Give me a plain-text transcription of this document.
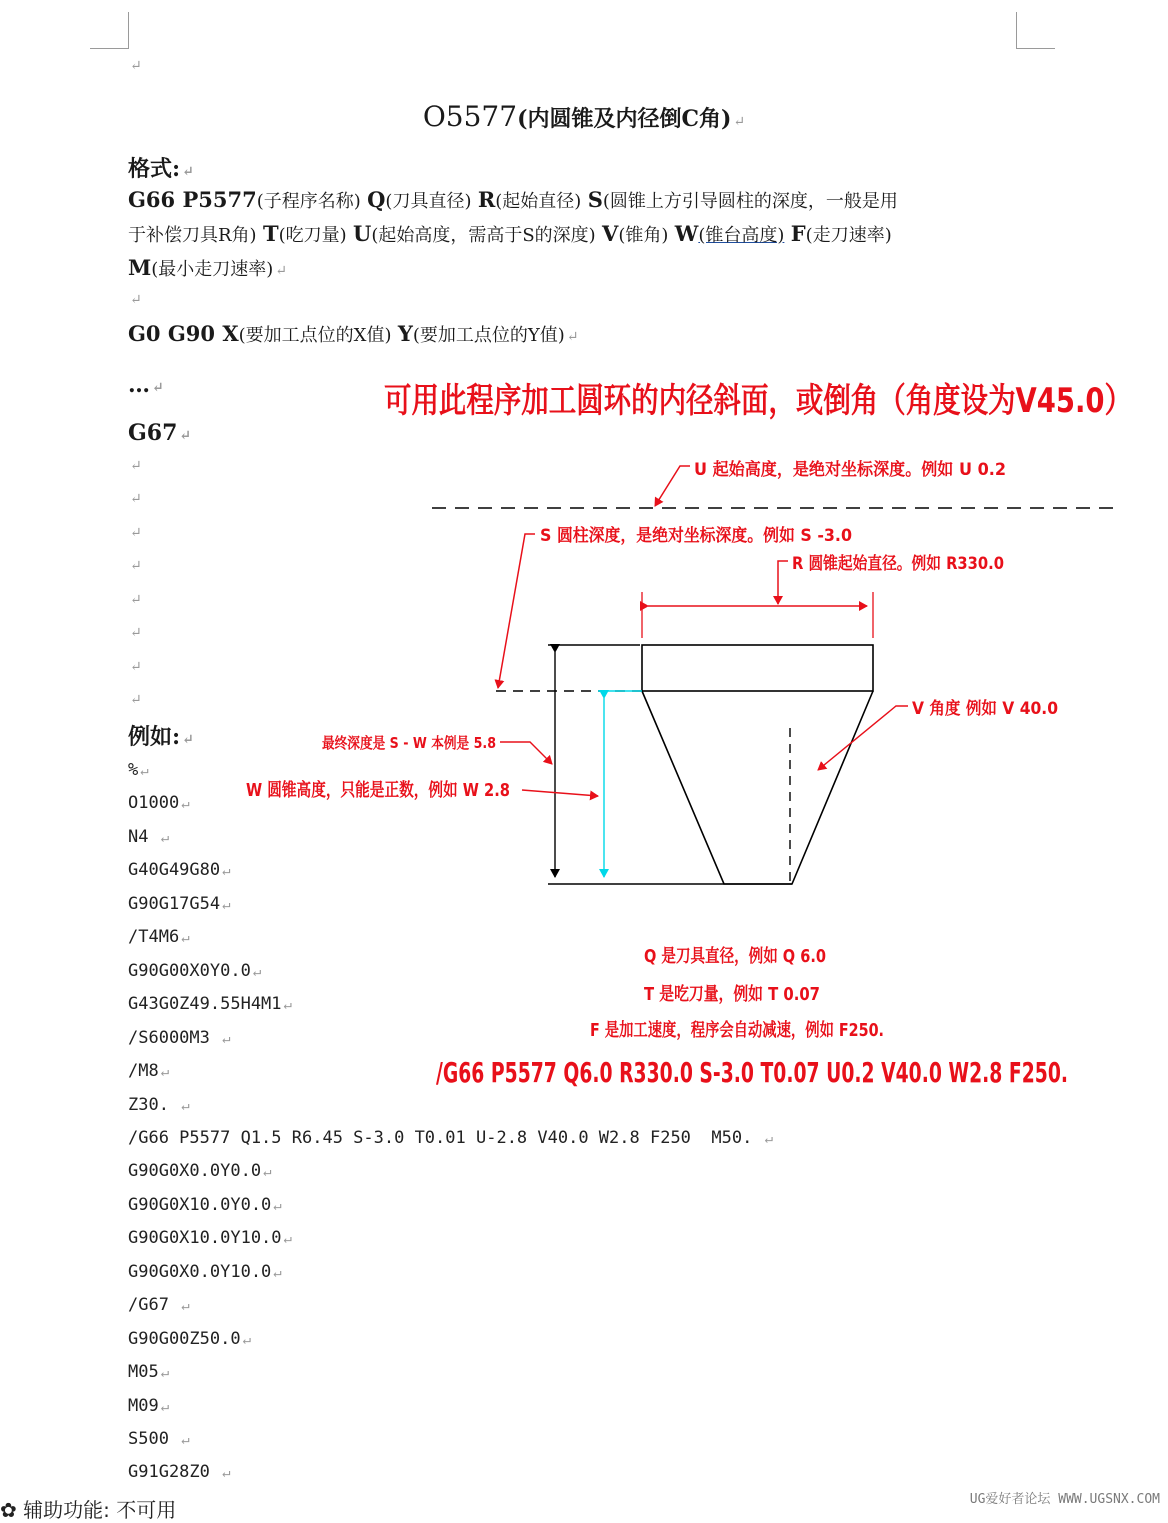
↵
O5577(内圆锥及内径倒C角) ↵
格式: ↵
G66 P5577(子程序名称) Q(刀具直径) R(起始直径) S(圆锥上方引导圆柱的深度，一般是用
于补偿刀具R角) T(吃刀量) U(起始高度，需高于S的深度) V(锥角) W(锥台高度) F(走刀速率)
M(最小走刀速率) ↵
↵
G0 G90 X(要加工点位的X值) Y(要加工点位的Y值) ↵
… ↵
G67 ↵
↵
↵
↵
↵
↵
↵
↵
↵
例如: ↵
% ↵
O1000 ↵
N4 ↵
G40G49G80 ↵
G90G17G54 ↵
/T4M6 ↵
G90G00X0Y0.0 ↵
G43G0Z49.55H4M1 ↵
/S6000M3 ↵
/M8 ↵
Z30. ↵
/G66 P5577 Q1.5 R6.45 S-3.0 T0.01 U-2.8 V40.0 W2.8 F250  M50. ↵
G90G0X0.0Y0.0 ↵
G90G0X10.0Y0.0 ↵
G90G0X10.0Y10.0 ↵
G90G0X0.0Y10.0 ↵
/G67 ↵
G90G00Z50.0 ↵
M05 ↵
M09 ↵
S500 ↵
G91G28Z0 ↵
可用此程序加工圆环的内径斜面，或倒角（角度设为V45.0）
U 起始高度，是绝对坐标深度。例如 U 0.2
S 圆柱深度，是绝对坐标深度。例如 S -3.0
R 圆锥起始直径。例如 R330.0
最终深度是 S - W 本例是 5.8
W 圆锥高度，只能是正数，例如 W 2.8
V 角度 例如 V 40.0
Q 是刀具直径，例如 Q 6.0
T 是吃刀量，例如 T 0.07
F 是加工速度，程序会自动减速，例如 F250.
/G66 P5577 Q6.0 R330.0 S-3.0 T0.07 U0.2 V40.0 W2.8 F250.
✿ 辅助功能: 不可用	UG爱好者论坛 WWW.UGSNX.COM
